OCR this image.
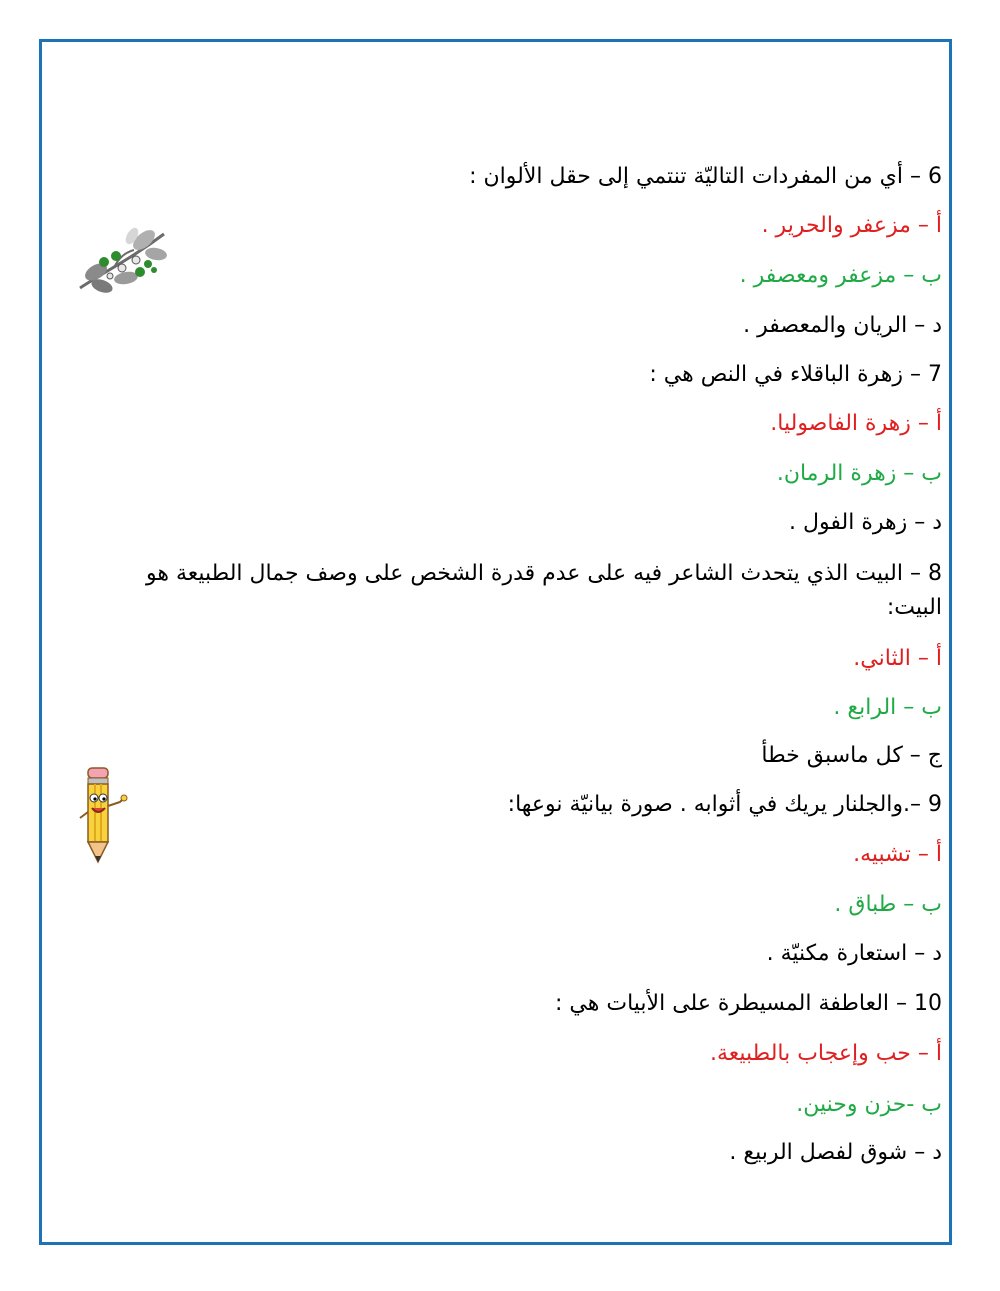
6 – أي من المفردات التاليّة تنتمي إلى حقل الألوان :
أ – مزعفر والحرير .
ب – مزعفر ومعصفر .
د – الريان والمعصفر .
7 – زهرة الباقلاء في النص هي :
أ – زهرة الفاصوليا.
ب – زهرة الرمان.
د – زهرة الفول .
8 – البيت الذي يتحدث الشاعر فيه على عدم قدرة الشخص على وصف جمال الطبيعة هو البيت:
أ – الثاني.
ب – الرابع .
ج – كل ماسبق خطأ
9 –.والجلنار يريك في أثوابه . صورة بيانيّة نوعها:
أ – تشبيه.
ب – طباق .
د – استعارة مكنيّة .
10 – العاطفة المسيطرة على الأبيات هي :
أ – حب وإعجاب بالطبيعة.
ب -حزن وحنين.
د – شوق لفصل الربيع .
